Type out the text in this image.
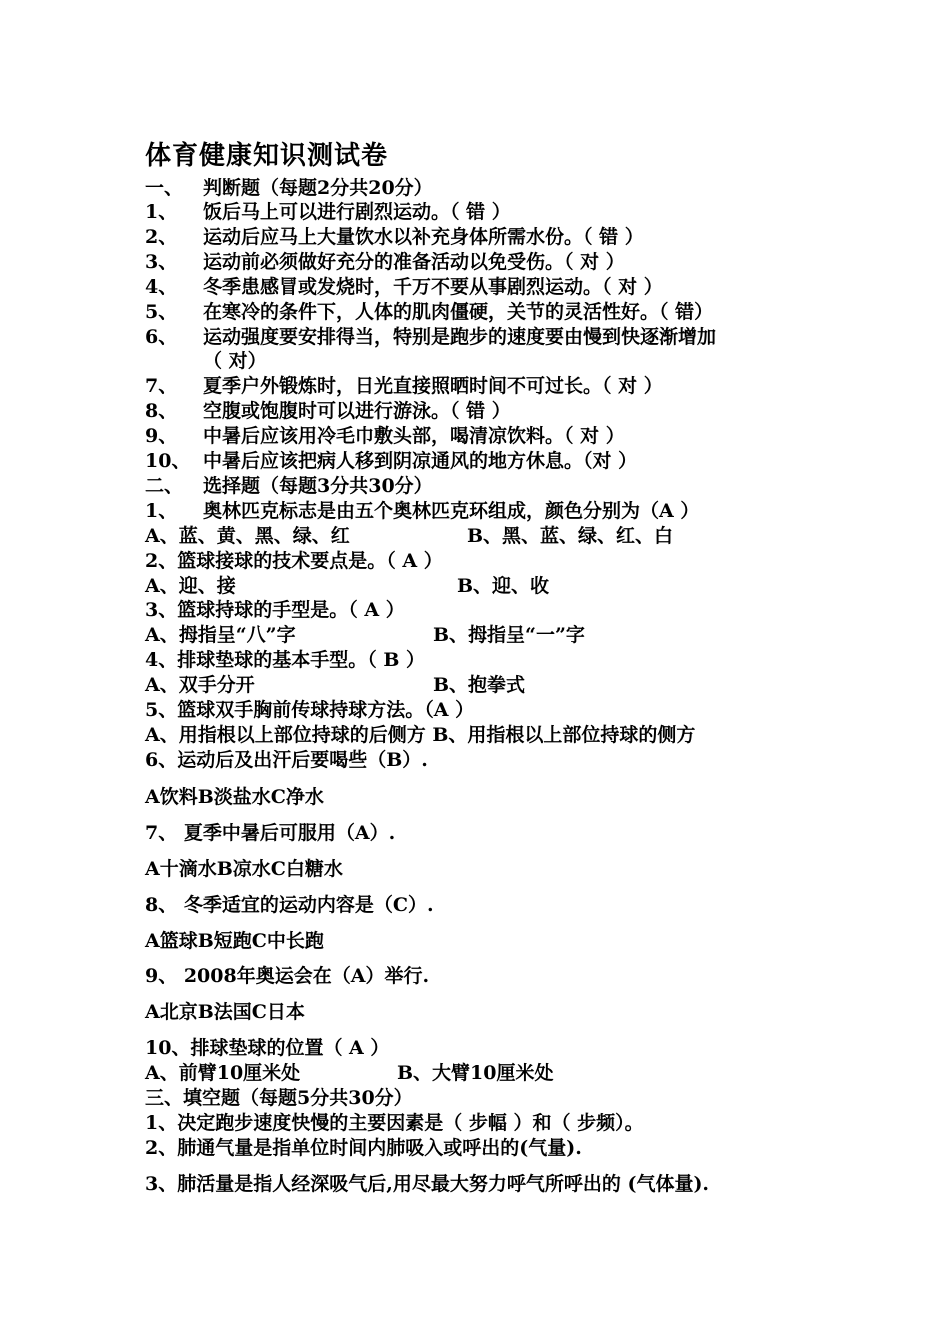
体育健康知识测试卷
一、 判断题（每题2分共20分）
1、 饭后马上可以进行剧烈运动。（ 错 ）
2、 运动后应马上大量饮水以补充身体所需水份。（ 错 ）
3、 运动前必须做好充分的准备活动以免受伤。（ 对 ）
4、 冬季患感冒或发烧时，千万不要从事剧烈运动。（ 对 ）
5、 在寒冷的条件下，人体的肌肉僵硬，关节的灵活性好。（ 错）
6、 运动强度要安排得当，特别是跑步的速度要由慢到快逐渐增加
（ 对）
7、 夏季户外锻炼时，日光直接照晒时间不可过长。（ 对 ）
8、 空腹或饱腹时可以进行游泳。（ 错 ）
9、 中暑后应该用冷毛巾敷头部，喝清凉饮料。（ 对 ）
10、 中暑后应该把病人移到阴凉通风的地方休息。（对 ）
二、 选择题（每题3分共30分）
1、 奥林匹克标志是由五个奥林匹克环组成，颜色分别为（A ）
A、蓝、黄、黑、绿、红	B、黑、蓝、绿、红、白
2、篮球接球的技术要点是。（ A ）
A、迎、接	B、迎、收
3、篮球持球的手型是。（ A ）
A、拇指呈“八”字	B、拇指呈“一”字
4、排球垫球的基本手型。（ B ）
A、双手分开	B、抱拳式
5、篮球双手胸前传球持球方法。（A ）
A、用指根以上部位持球的后侧方 B、用指根以上部位持球的侧方
6、运动后及出汗后要喝些（B）.
A饮料B淡盐水C净水
7、 夏季中暑后可服用（A）.
A十滴水B凉水C白糖水
8、 冬季适宜的运动内容是（C）.
A篮球B短跑C中长跑
9、 2008年奥运会在（A）举行.
A北京B法国C日本
10、排球垫球的位置（ A ）
A、前臂10厘米处	B、大臂10厘米处
三、填空题（每题5分共30分）
1、决定跑步速度快慢的主要因素是（ 步幅 ）和（ 步频）。
2、肺通气量是指单位时间内肺吸入或呼出的(气量).
3、肺活量是指人经深吸气后,用尽最大努力呼气所呼出的 (气体量).
